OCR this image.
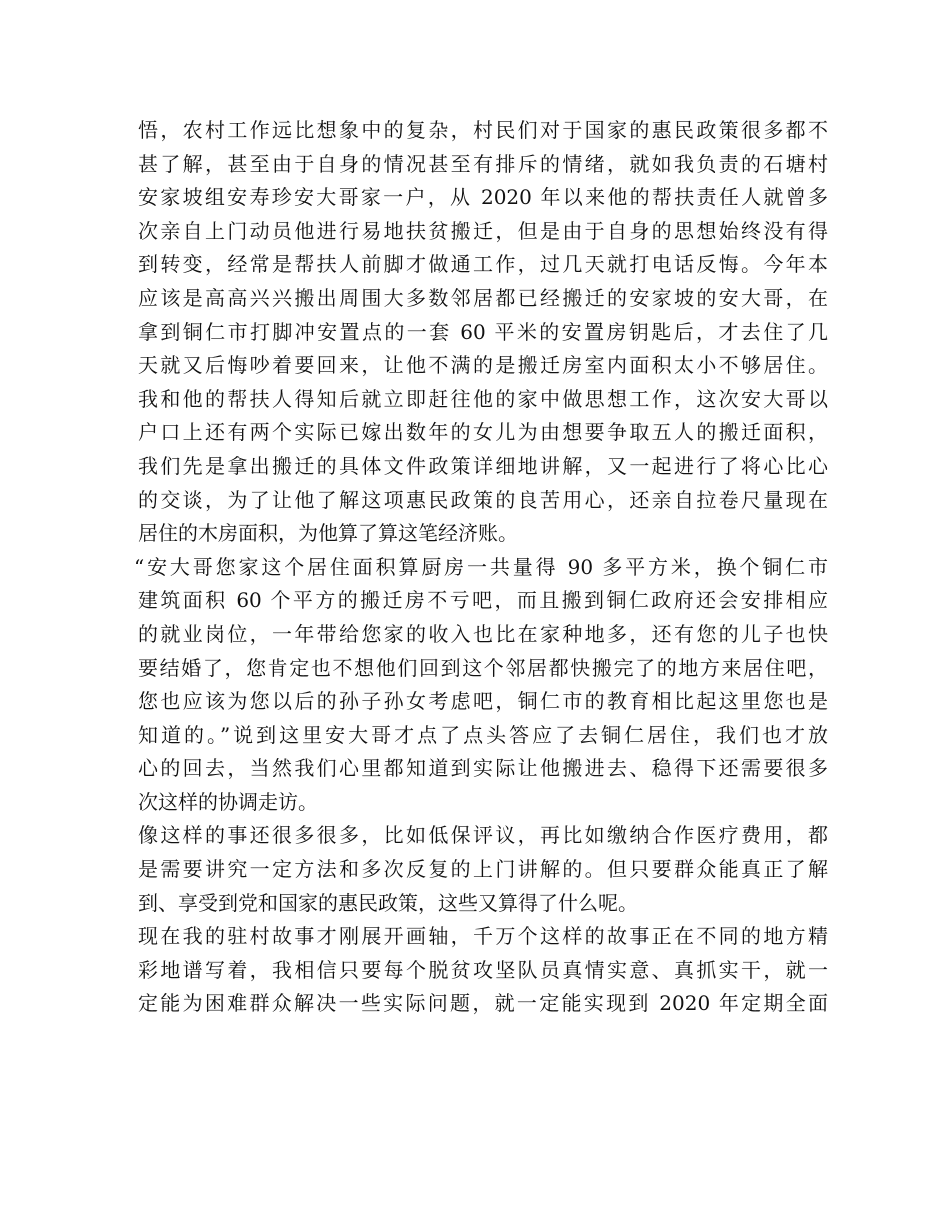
悟，农村工作远比想象中的复杂，村民们对于国家的惠民政策很多都不
甚了解，甚至由于自身的情况甚至有排斥的情绪，就如我负责的石塘村
安家坡组安寿珍安大哥家一户，从 2020 年以来他的帮扶责任人就曾多
次亲自上门动员他进行易地扶贫搬迁，但是由于自身的思想始终没有得
到转变，经常是帮扶人前脚才做通工作，过几天就打电话反悔。今年本
应该是高高兴兴搬出周围大多数邻居都已经搬迁的安家坡的安大哥，在
拿到铜仁市打脚冲安置点的一套 60 平米的安置房钥匙后，才去住了几
天就又后悔吵着要回来，让他不满的是搬迁房室内面积太小不够居住。
我和他的帮扶人得知后就立即赶往他的家中做思想工作，这次安大哥以
户口上还有两个实际已嫁出数年的女儿为由想要争取五人的搬迁面积，
我们先是拿出搬迁的具体文件政策详细地讲解，又一起进行了将心比心
的交谈，为了让他了解这项惠民政策的良苦用心，还亲自拉卷尺量现在
居住的木房面积，为他算了算这笔经济账。
“安大哥您家这个居住面积算厨房一共量得 90 多平方米，换个铜仁市
建筑面积 60 个平方的搬迁房不亏吧，而且搬到铜仁政府还会安排相应
的就业岗位，一年带给您家的收入也比在家种地多，还有您的儿子也快
要结婚了，您肯定也不想他们回到这个邻居都快搬完了的地方来居住吧，
您也应该为您以后的孙子孙女考虑吧，铜仁市的教育相比起这里您也是
知道的。”说到这里安大哥才点了点头答应了去铜仁居住，我们也才放
心的回去，当然我们心里都知道到实际让他搬进去、稳得下还需要很多
次这样的协调走访。
像这样的事还很多很多，比如低保评议，再比如缴纳合作医疗费用，都
是需要讲究一定方法和多次反复的上门讲解的。但只要群众能真正了解
到、享受到党和国家的惠民政策，这些又算得了什么呢。
现在我的驻村故事才刚展开画轴，千万个这样的故事正在不同的地方精
彩地谱写着，我相信只要每个脱贫攻坚队员真情实意、真抓实干，就一
定能为困难群众解决一些实际问题，就一定能实现到 2020 年定期全面
